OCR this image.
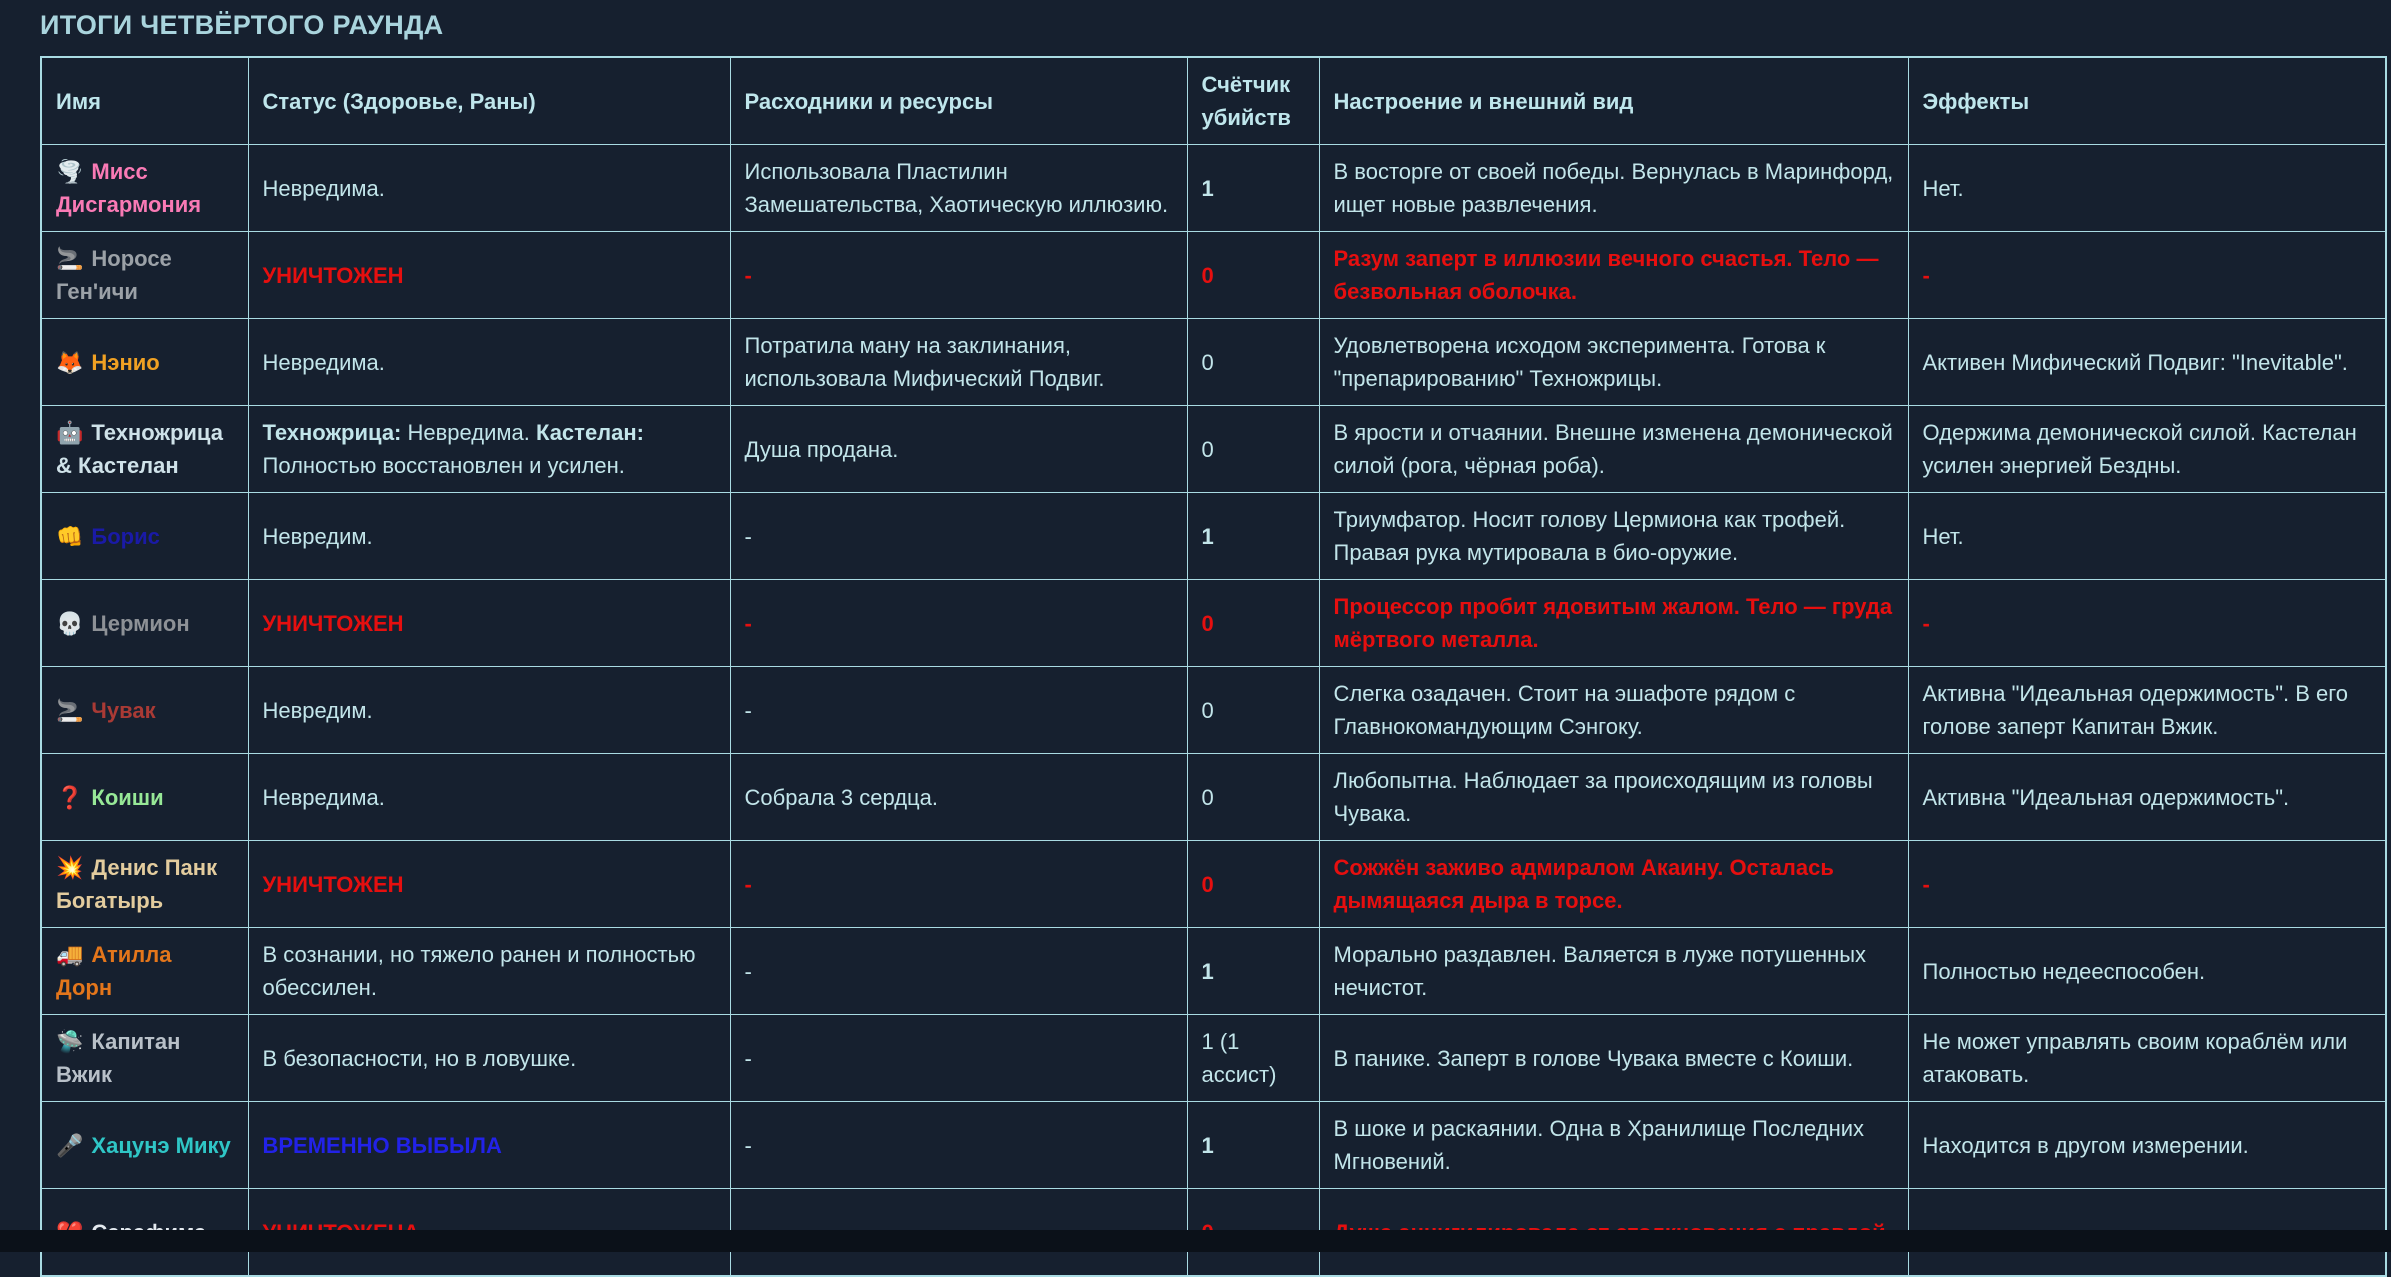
ИТОГИ ЧЕТВЁРТОГО РАУНДА
Имя	Статус (Здоровье, Раны)	Расходники и ресурсы	Счётчик убийств	Настроение и внешний вид	Эффекты
🌪️ Мисс Дисгармония	Невредима.	Использовала Пластилин Замешательства, Хаотическую иллюзию.	1	В восторге от своей победы. Вернулась в Маринфорд, ищет новые развлечения.	Нет.
🚬 Норосе Ген'ичи	УНИЧТОЖЕН	-	0	Разум заперт в иллюзии вечного счастья. Тело — безвольная оболочка.	-
🦊 Нэнио	Невредима.	Потратила ману на заклинания, использовала Мифический Подвиг.	0	Удовлетворена исходом эксперимента. Готова к "препарированию" Техножрицы.	Активен Мифический Подвиг: "Inevitable".
🤖 Техножрица & Кастелан	Техножрица: Невредима. Кастелан: Полностью восстановлен и усилен.	Душа продана.	0	В ярости и отчаянии. Внешне изменена демонической силой (рога, чёрная роба).	Одержима демонической силой. Кастелан усилен энергией Бездны.
👊 Борис	Невредим.	-	1	Триумфатор. Носит голову Цермиона как трофей. Правая рука мутировала в био-оружие.	Нет.
💀 Цермион	УНИЧТОЖЕН	-	0	Процессор пробит ядовитым жалом. Тело — груда мёртвого металла.	-
🚬 Чувак	Невредим.	-	0	Слегка озадачен. Стоит на эшафоте рядом с Главнокомандующим Сэнгоку.	Активна "Идеальная одержимость". В его голове заперт Капитан Вжик.
❓ Коиши	Невредима.	Собрала 3 сердца.	0	Любопытна. Наблюдает за происходящим из головы Чувака.	Активна "Идеальная одержимость".
💥 Денис Панк Богатырь	УНИЧТОЖЕН	-	0	Сожжён заживо адмиралом Акаину. Осталась дымящаяся дыра в торсе.	-
🚚 Атилла Дорн	В сознании, но тяжело ранен и полностью обессилен.	-	1	Морально раздавлен. Валяется в луже потушенных нечистот.	Полностью недееспособен.
🛸 Капитан Вжик	В безопасности, но в ловушке.	-	1 (1 ассист)	В панике. Заперт в голове Чувака вместе с Коиши.	Не может управлять своим кораблём или атаковать.
🎤 Хацунэ Мику	ВРЕМЕННО ВЫБЫЛА	-	1	В шоке и раскаянии. Одна в Хранилище Последних Мгновений.	Находится в другом измерении.
